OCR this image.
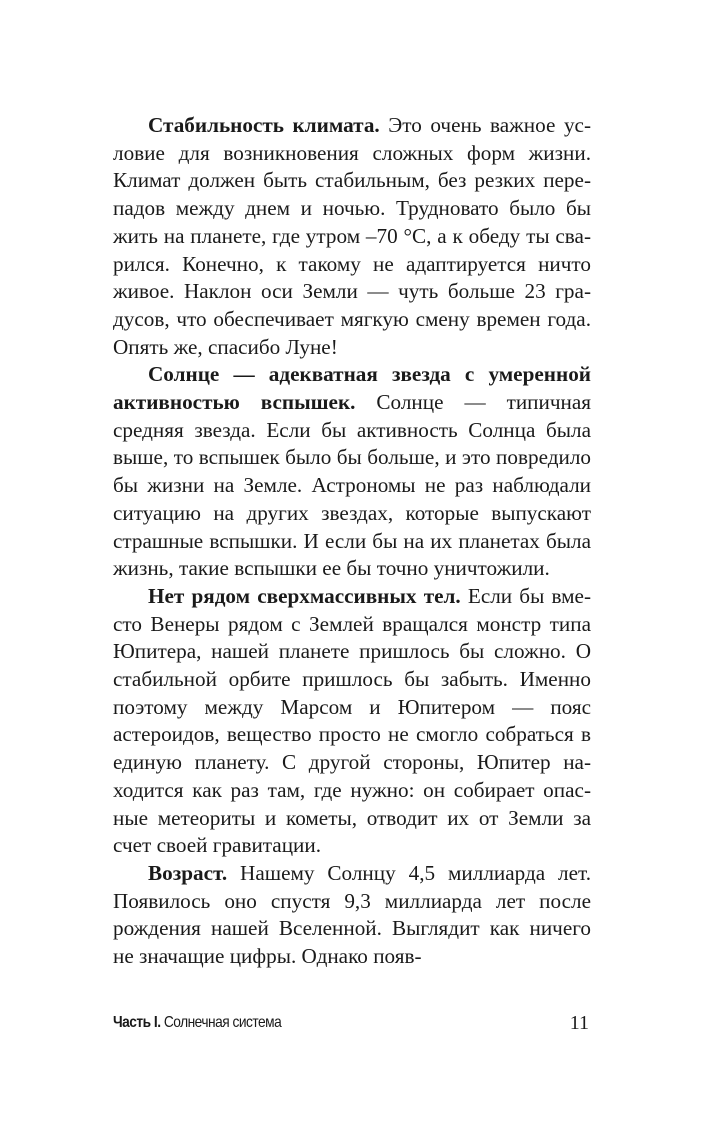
Стабильность климата. Это очень важное условие для возникновения сложных форм жизни. Климат должен быть стабильным, без резких перепадов между днем и ночью. Трудновато было бы жить на планете, где утром –70 °С, а к обеду ты сварился. Конечно, к такому не адаптируется ничто живое. Наклон оси Земли — чуть больше 23 градусов, что обеспечивает мягкую смену времен года. Опять же, спасибо Луне!

Солнце — адекватная звезда с умеренной активностью вспышек. Солнце — типичная средняя звезда. Если бы активность Солнца была выше, то вспышек было бы больше, и это повредило бы жизни на Земле. Астрономы не раз наблюдали ситуацию на других звездах, которые выпускают страшные вспышки. И если бы на их планетах была жизнь, такие вспышки ее бы точно уничтожили.

Нет рядом сверхмассивных тел. Если бы вместо Венеры рядом с Землей вращался монстр типа Юпитера, нашей планете пришлось бы сложно. О стабильной орбите пришлось бы забыть. Именно поэтому между Марсом и Юпитером — пояс астероидов, вещество просто не смогло собраться в единую планету. С другой стороны, Юпитер находится как раз там, где нужно: он собирает опасные метеориты и кометы, отводит их от Земли за счет своей гравитации.

Возраст. Нашему Солнцу 4,5 миллиарда лет. Появилось оно спустя 9,3 миллиарда лет после рождения нашей Вселенной. Выглядит как ничего не значащие цифры. Однако появ-

Часть I. Солнечная система	11
